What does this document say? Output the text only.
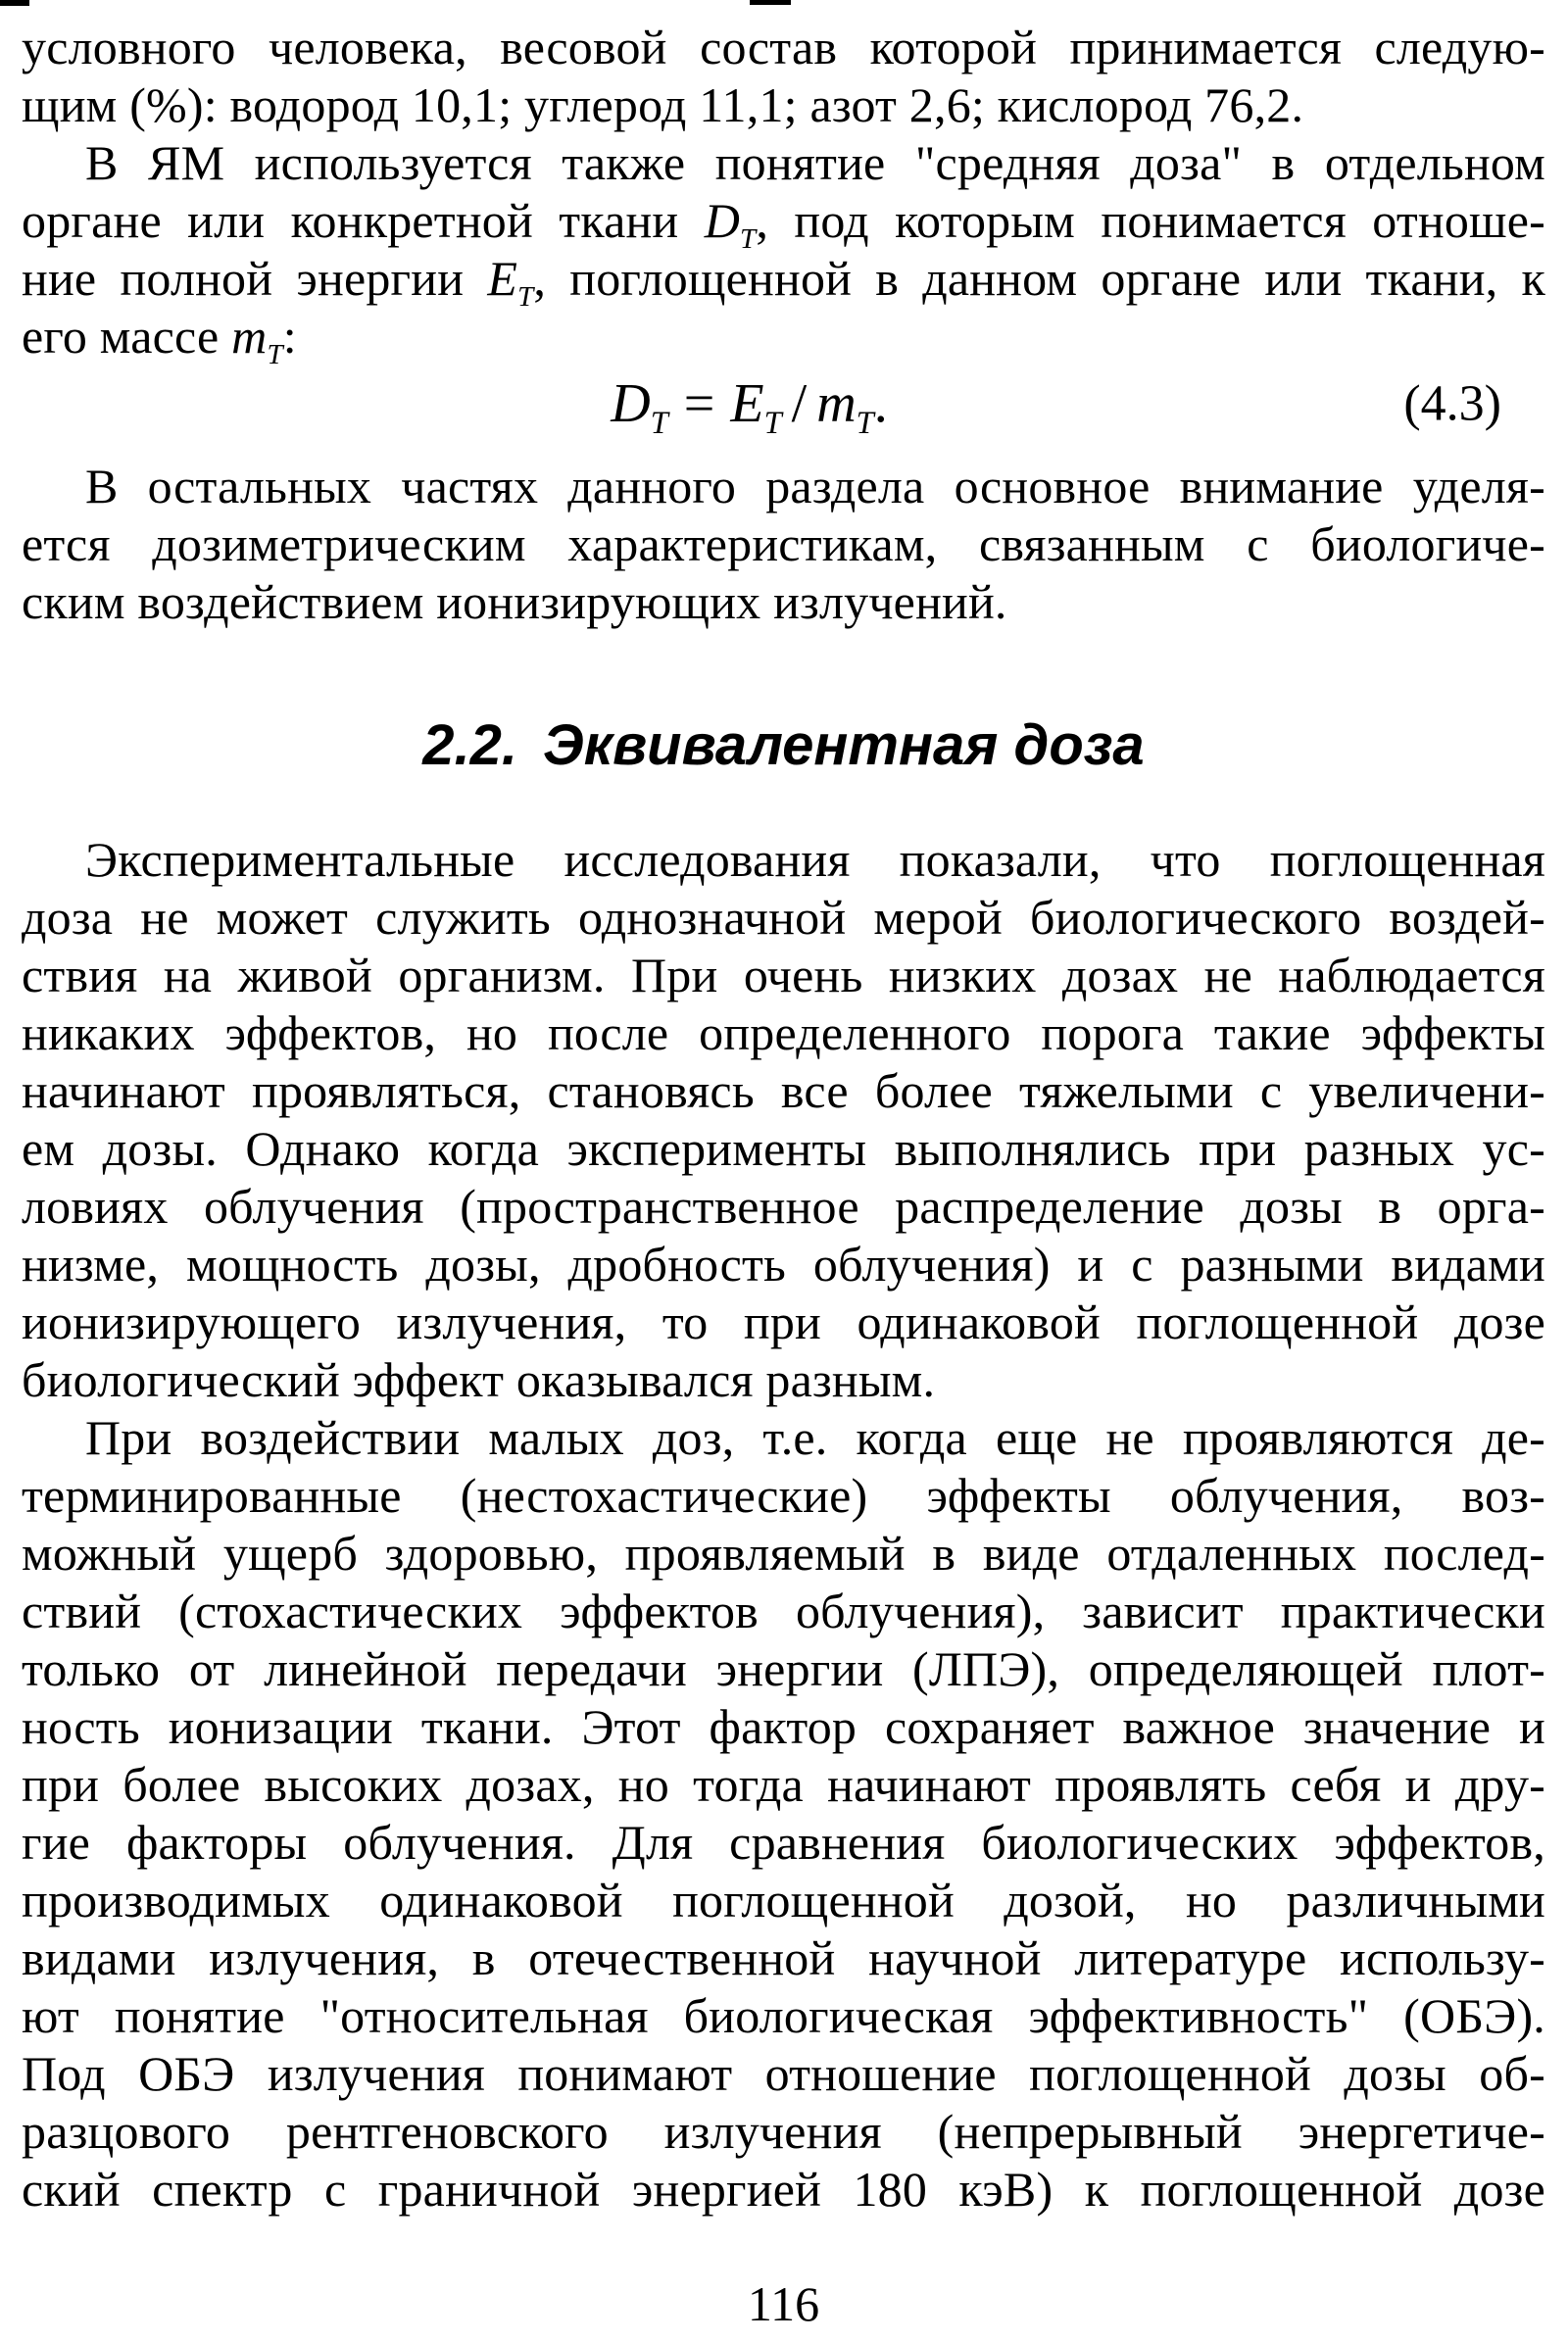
условного человека, весовой состав которой принимается следую-
щим (%): водород 10,1; углерод 11,1; азот 2,6; кислород 76,2.
В ЯМ используется также понятие "средняя доза" в отдельном
органе или конкретной ткани $D_T$, под которым понимается отноше-
ние полной энергии $E_T$, поглощенной в данном органе или ткани, к
его массе $m_T$:
$D_T = E_T / m_T$.	(4.3)
В остальных частях данного раздела основное внимание уделя-
ется дозиметрическим характеристикам, связанным с биологиче-
ским воздействием ионизирующих излучений.
2.2. Эквивалентная доза
Экспериментальные исследования показали, что поглощенная
доза не может служить однозначной мерой биологического воздей-
ствия на живой организм. При очень низких дозах не наблюдается
никаких эффектов, но после определенного порога такие эффекты
начинают проявляться, становясь все более тяжелыми с увеличени-
ем дозы. Однако когда эксперименты выполнялись при разных ус-
ловиях облучения (пространственное распределение дозы в орга-
низме, мощность дозы, дробность облучения) и с разными видами
ионизирующего излучения, то при одинаковой поглощенной дозе
биологический эффект оказывался разным.
При воздействии малых доз, т.е. когда еще не проявляются де-
терминированные (нестохастические) эффекты облучения, воз-
можный ущерб здоровью, проявляемый в виде отдаленных послед-
ствий (стохастических эффектов облучения), зависит практически
только от линейной передачи энергии (ЛПЭ), определяющей плот-
ность ионизации ткани. Этот фактор сохраняет важное значение и
при более высоких дозах, но тогда начинают проявлять себя и дру-
гие факторы облучения. Для сравнения биологических эффектов,
производимых одинаковой поглощенной дозой, но различными
видами излучения, в отечественной научной литературе использу-
ют понятие "относительная биологическая эффективность" (ОБЭ).
Под ОБЭ излучения понимают отношение поглощенной дозы об-
разцового рентгеновского излучения (непрерывный энергетиче-
ский спектр с граничной энергией 180 кэВ) к поглощенной дозе
116
